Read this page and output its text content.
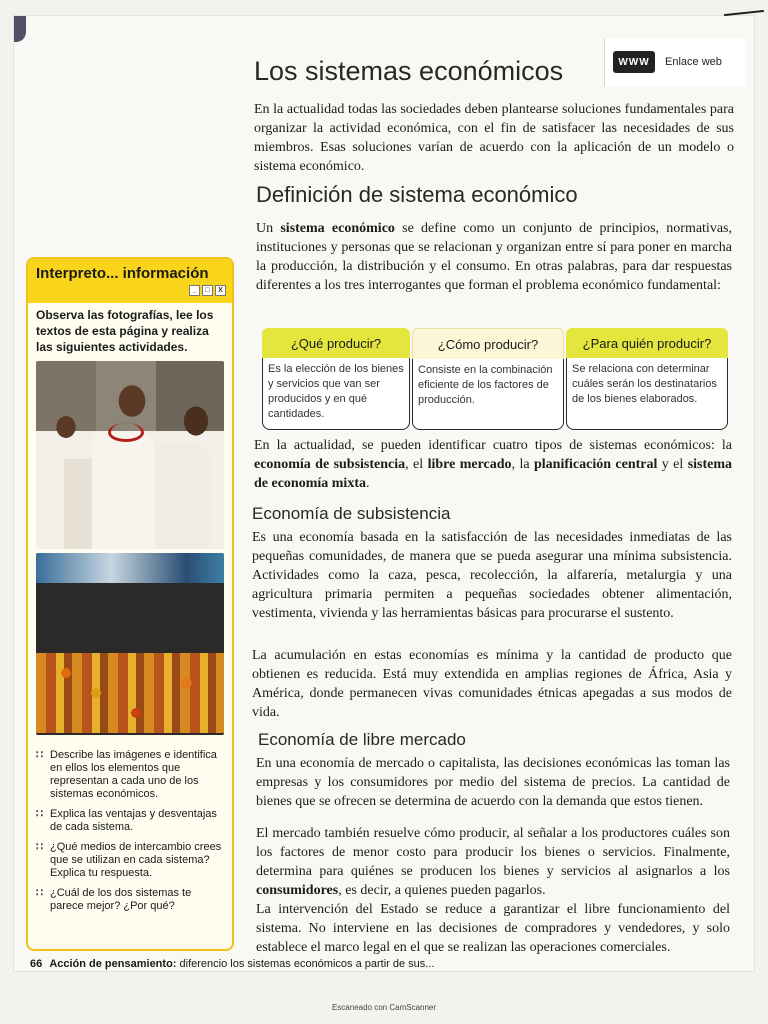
Los sistemas económicos	WWW	Enlace web

En la actualidad todas las sociedades deben plantearse soluciones fundamentales para organizar la actividad económica, con el fin de satisfacer las necesidades de sus miembros. Esas soluciones varían de acuerdo con la aplicación de un modelo o sistema económico.

Definición de sistema económico

Un sistema económico se define como un conjunto de principios, normativas, instituciones y personas que se relacionan y organizan entre sí para poner en marcha la producción, la distribución y el consumo. En otras palabras, para dar respuestas diferentes a los tres interrogantes que forman el problema económico fundamental:

¿Qué producir?
Es la elección de los bienes y servicios que van ser producidos y en qué cantidades.
¿Cómo producir?
Consiste en la combinación eficiente de los factores de producción.
¿Para quién producir?
Se relaciona con determinar cuáles serán los destinatarios de los bienes elaborados.

En la actualidad, se pueden identificar cuatro tipos de sistemas económicos: la economía de subsistencia, el libre mercado, la planificación central y el sistema de economía mixta.

Economía de subsistencia

Es una economía basada en la satisfacción de las necesidades inmediatas de las pequeñas comunidades, de manera que se pueda asegurar una mínima subsistencia. Actividades como la caza, pesca, recolección, la alfarería, metalurgia y una agricultura primaria permiten a pequeñas sociedades obtener alimentación, vestimenta, vivienda y las herramientas básicas para procurarse el sustento.

La acumulación en estas economías es mínima y la cantidad de producto que obtienen es reducida. Está muy extendida en amplias regiones de África, Asia y América, donde permanecen vivas comunidades étnicas apegadas a sus modos de vida.

Economía de libre mercado

En una economía de mercado o capitalista, las decisiones económicas las toman las empresas y los consumidores por medio del sistema de precios. La cantidad de bienes que se ofrecen se determina de acuerdo con la demanda que estos tienen.

El mercado también resuelve cómo producir, al señalar a los productores cuáles son los factores de menor costo para producir los bienes o servicios. Finalmente, determina para quiénes se producen los bienes y servicios al asignarlos a los consumidores, es decir, a quienes pueden pagarlos.

La intervención del Estado se reduce a garantizar el libre funcionamiento del sistema. No interviene en las decisiones de compradores y vendedores, y solo establece el marco legal en el que se realizan las operaciones comerciales.

Interpreto... información
_	□	X

Observa las fotografías, lee los textos de esta página y realiza las siguientes actividades.

∷ Describe las imágenes e identifica en ellos los elementos que representan a cada uno de los sistemas económicos.
∷ Explica las ventajas y desventajas de cada sistema.
∷ ¿Qué medios de intercambio crees que se utilizan en cada sistema? Explica tu respuesta.
∷ ¿Cuál de los dos sistemas te parece mejor? ¿Por qué?
66 Acción de pensamiento: diferencio los sistemas económicos a partir de sus...
Escaneado con CamScanner
